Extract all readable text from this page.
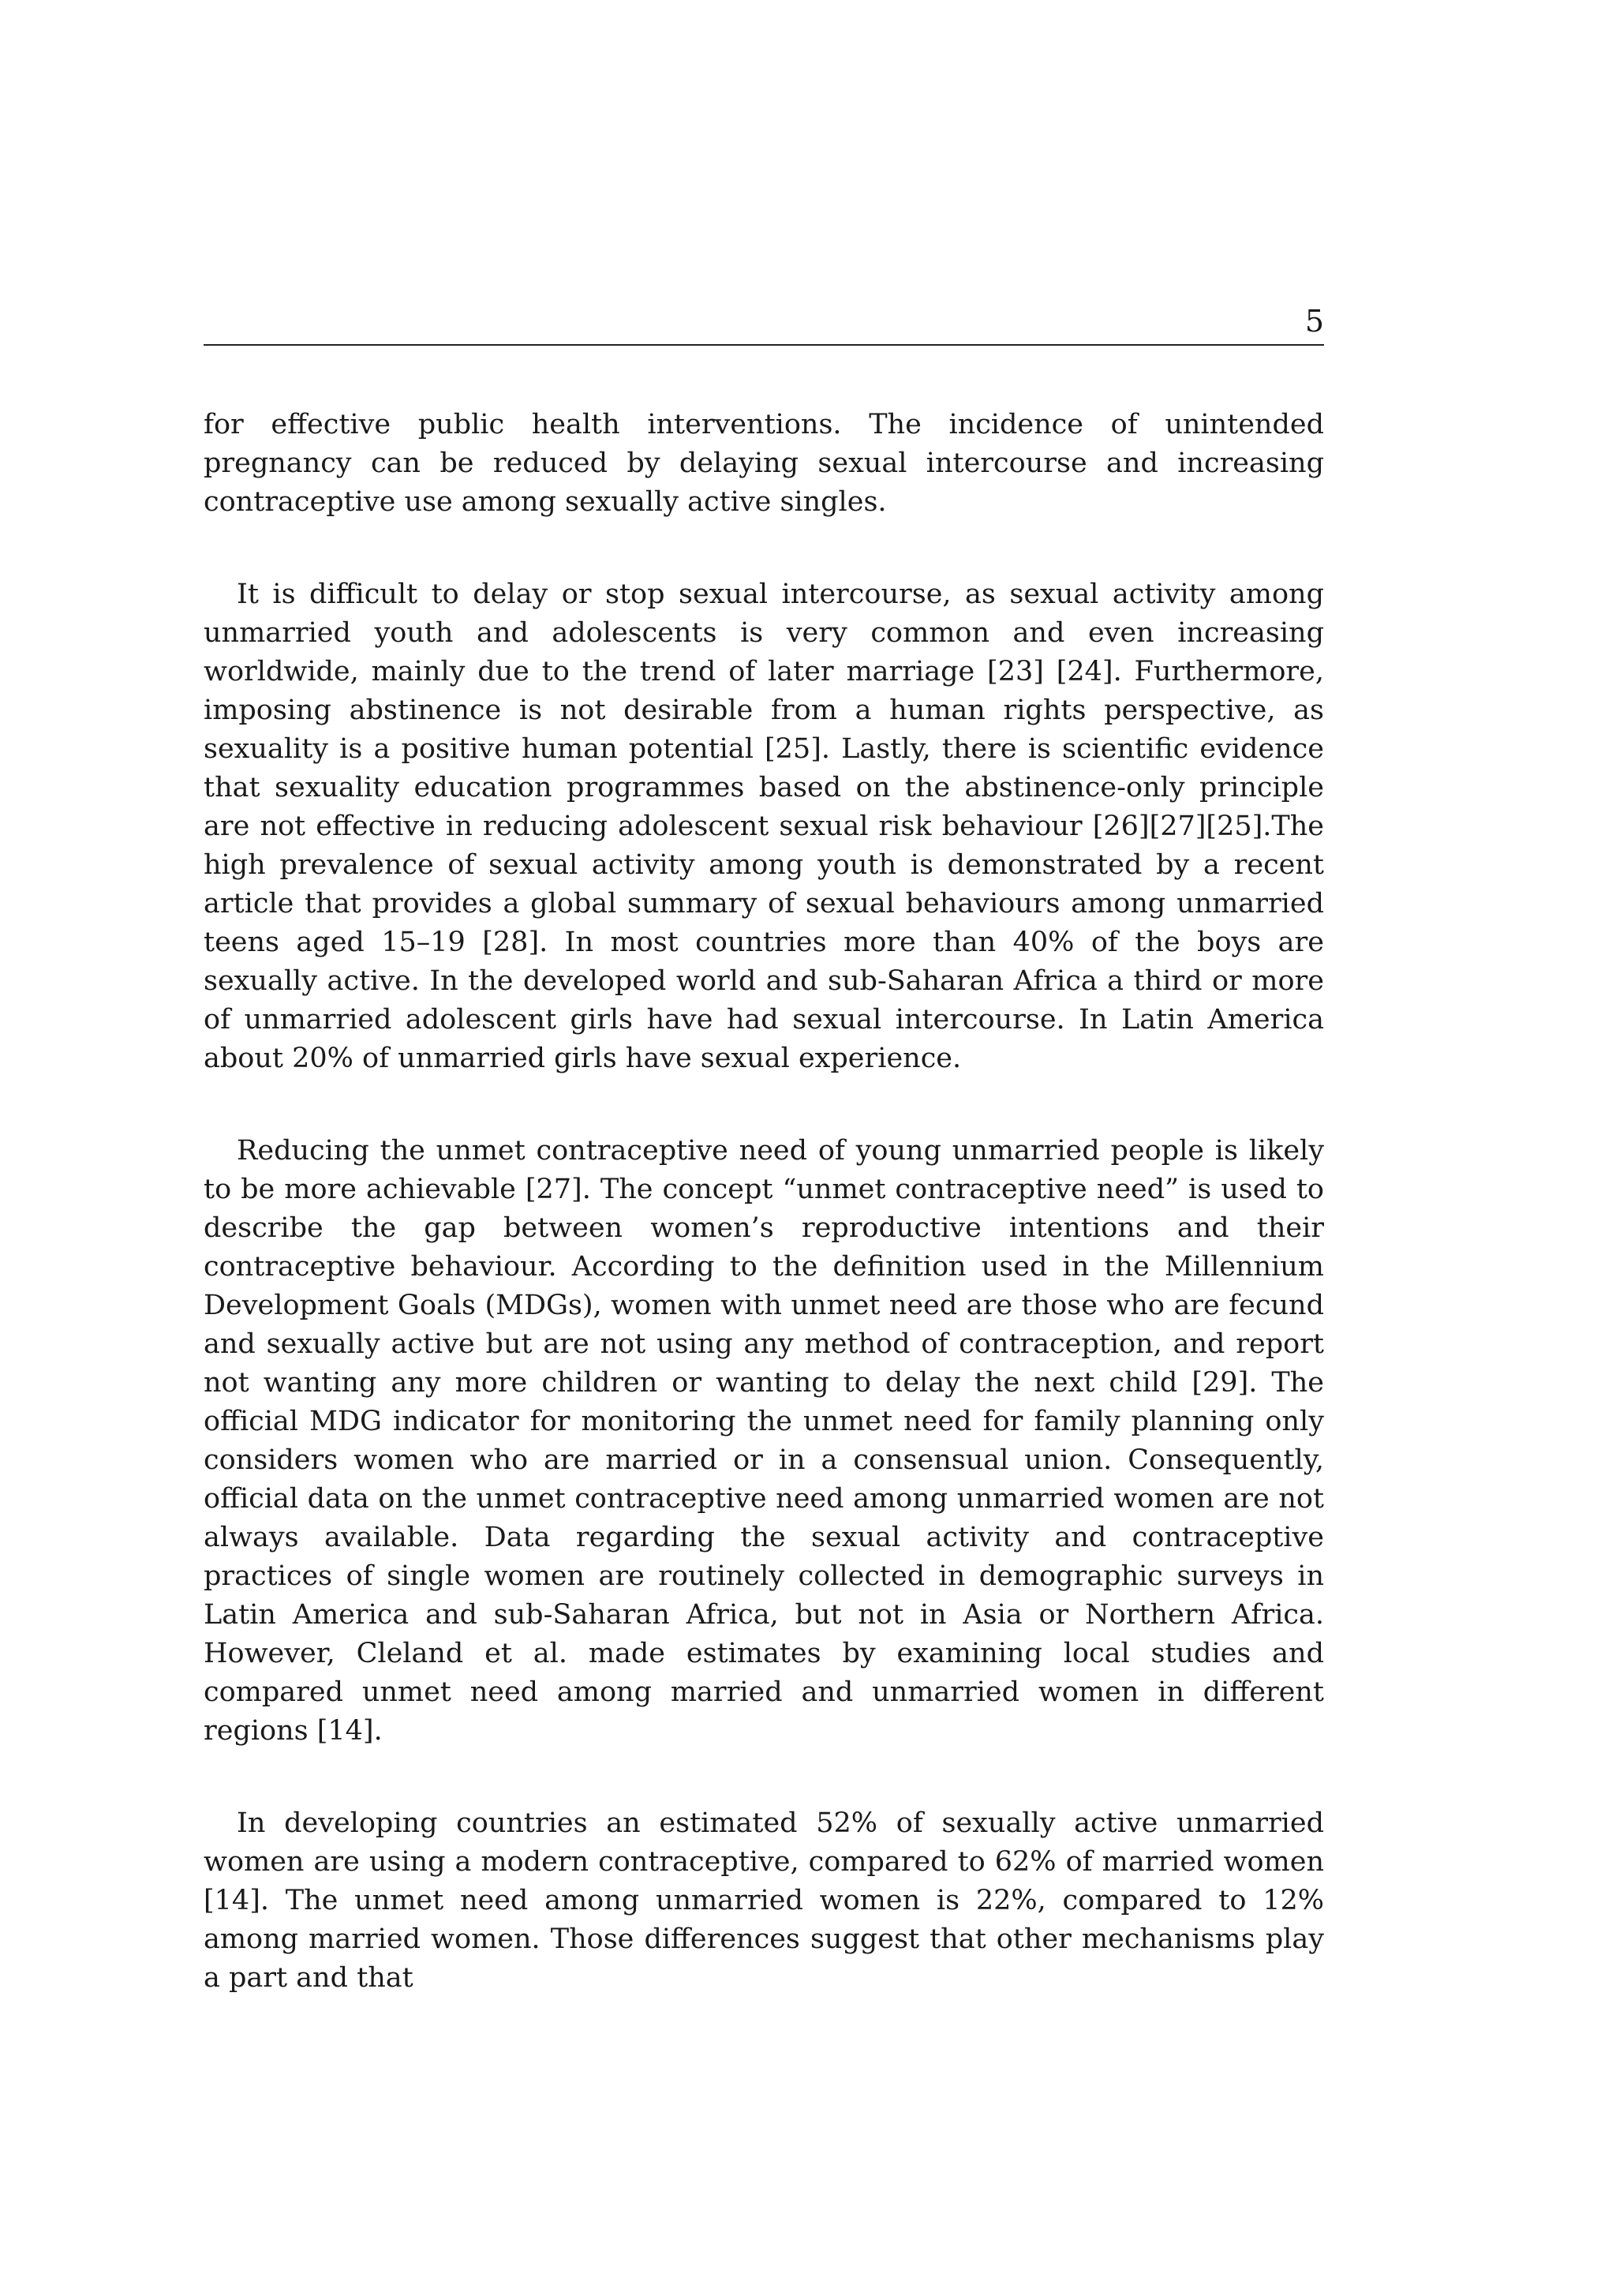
5

for effective public health interventions. The incidence of unintended pregnancy can be reduced by delaying sexual intercourse and increasing contraceptive use among sexually active singles.

It is difficult to delay or stop sexual intercourse, as sexual activity among unmarried youth and adolescents is very common and even increasing worldwide, mainly due to the trend of later marriage [23] [24]. Furthermore, imposing abstinence is not desirable from a human rights perspective, as sexuality is a positive human potential [25]. Lastly, there is scientific evidence that sexuality education programmes based on the abstinence-only principle are not effective in reducing adolescent sexual risk behaviour [26][27][25].The high prevalence of sexual activity among youth is demonstrated by a recent article that provides a global summary of sexual behaviours among unmarried teens aged 15–19 [28]. In most countries more than 40% of the boys are sexually active. In the developed world and sub-Saharan Africa a third or more of unmarried adolescent girls have had sexual intercourse. In Latin America about 20% of unmarried girls have sexual experience.

Reducing the unmet contraceptive need of young unmarried people is likely to be more achievable [27]. The concept “unmet contraceptive need” is used to describe the gap between women’s reproductive intentions and their contraceptive behaviour. According to the definition used in the Millennium Development Goals (MDGs), women with unmet need are those who are fecund and sexually active but are not using any method of contraception, and report not wanting any more children or wanting to delay the next child [29]. The official MDG indicator for monitoring the unmet need for family planning only considers women who are married or in a consensual union. Consequently, official data on the unmet contraceptive need among unmarried women are not always available. Data regarding the sexual activity and contraceptive practices of single women are routinely collected in demographic surveys in Latin America and sub-Saharan Africa, but not in Asia or Northern Africa. However, Cleland et al. made estimates by examining local studies and compared unmet need among married and unmarried women in different regions [14].

In developing countries an estimated 52% of sexually active unmarried women are using a modern contraceptive, compared to 62% of married women [14]. The unmet need among unmarried women is 22%, compared to 12% among married women. Those differences suggest that other mechanisms play a part and that
